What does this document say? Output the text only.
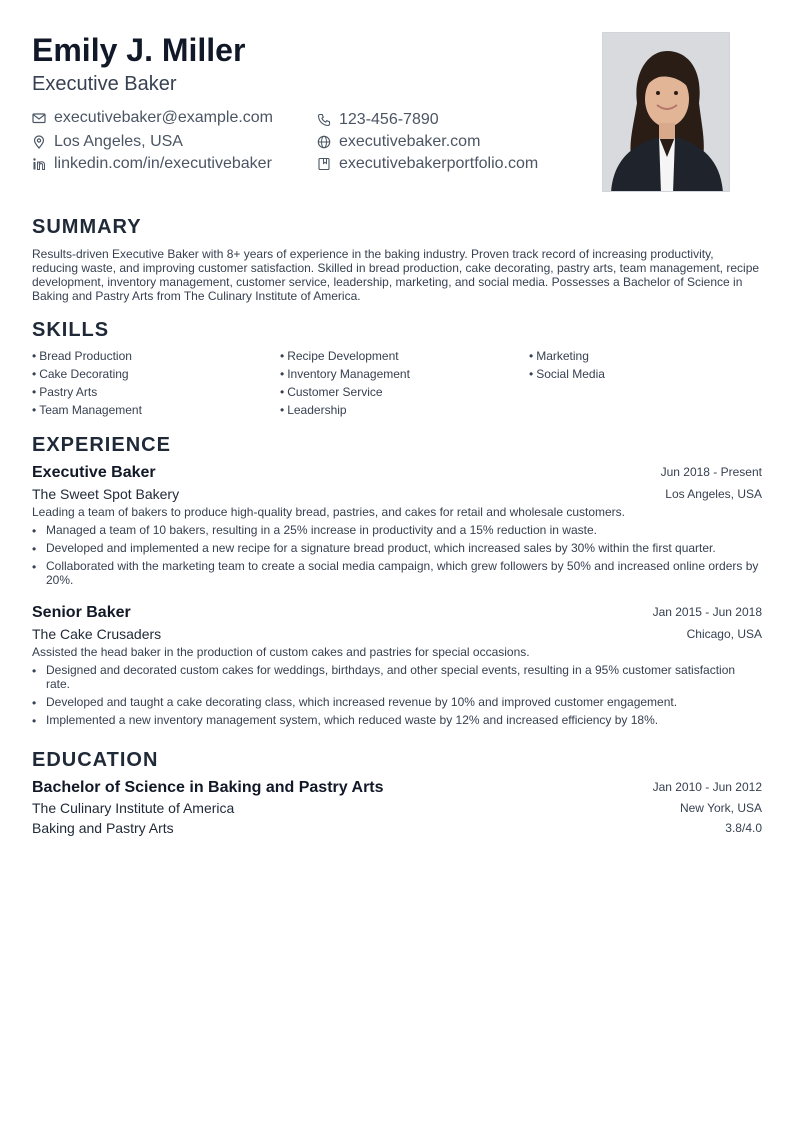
Emily J. Miller
Executive Baker
executivebaker@example.com
Los Angeles, USA
linkedin.com/in/executivebaker
123-456-7890
executivebaker.com
executivebakerportfolio.com
SUMMARY
Results-driven Executive Baker with 8+ years of experience in the baking industry. Proven track record of increasing productivity, reducing waste, and improving customer satisfaction. Skilled in bread production, cake decorating, pastry arts, team management, recipe development, inventory management, customer service, leadership, marketing, and social media. Possesses a Bachelor of Science in Baking and Pastry Arts from The Culinary Institute of America.
SKILLS
• Bread Production
• Cake Decorating
• Pastry Arts
• Team Management
• Recipe Development
• Inventory Management
• Customer Service
• Leadership
• Marketing
• Social Media
EXPERIENCE
Executive Baker	Jun 2018 - Present
The Sweet Spot Bakery	Los Angeles, USA
Leading a team of bakers to produce high-quality bread, pastries, and cakes for retail and wholesale customers.
• Managed a team of 10 bakers, resulting in a 25% increase in productivity and a 15% reduction in waste.
• Developed and implemented a new recipe for a signature bread product, which increased sales by 30% within the first quarter.
• Collaborated with the marketing team to create a social media campaign, which grew followers by 50% and increased online orders by 20%.
Senior Baker	Jan 2015 - Jun 2018
The Cake Crusaders	Chicago, USA
Assisted the head baker in the production of custom cakes and pastries for special occasions.
• Designed and decorated custom cakes for weddings, birthdays, and other special events, resulting in a 95% customer satisfaction rate.
• Developed and taught a cake decorating class, which increased revenue by 10% and improved customer engagement.
• Implemented a new inventory management system, which reduced waste by 12% and increased efficiency by 18%.
EDUCATION
Bachelor of Science in Baking and Pastry Arts	Jan 2010 - Jun 2012
The Culinary Institute of America	New York, USA
Baking and Pastry Arts	3.8/4.0
